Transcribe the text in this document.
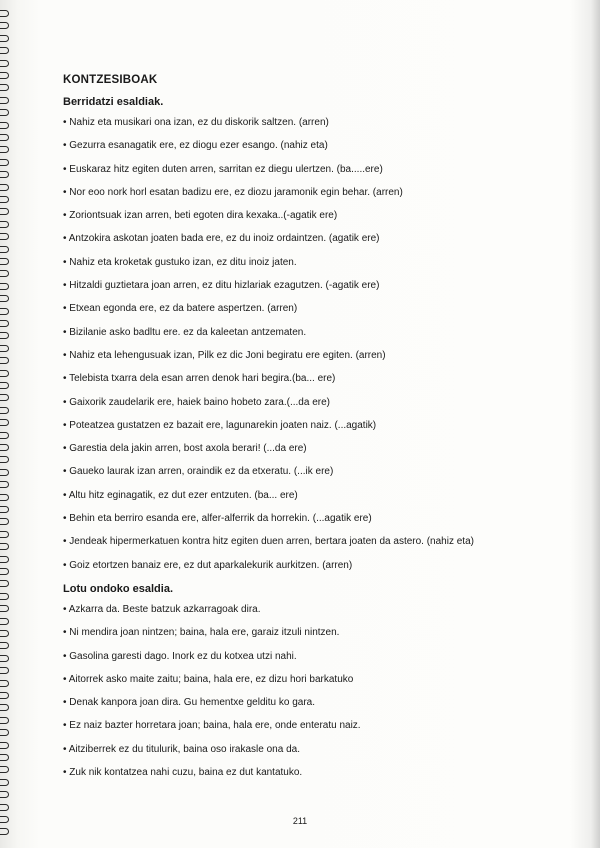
KONTZESIBOAK
Berridatzi esaldiak.
• Nahiz eta musikari ona izan, ez du diskorik saltzen. (arren)
• Gezurra esanagatik ere, ez diogu ezer esango. (nahiz eta)
• Euskaraz hitz egiten duten arren, sarritan ez diegu ulertzen. (ba.....ere)
• Nor eoo nork horl esatan badizu ere, ez diozu jaramonik egin behar. (arren)
• Zoriontsuak izan arren, beti egoten dira kexaka..(-agatik ere)
• Antzokira askotan joaten bada ere, ez du inoiz ordaintzen. (agatik ere)
• Nahiz eta kroketak gustuko izan, ez ditu inoiz jaten.
• Hitzaldi guztietara joan arren, ez ditu hizlariak ezagutzen. (-agatik ere)
• Etxean egonda ere, ez da batere aspertzen. (arren)
• Bizilanie asko badltu ere. ez da kaleetan antzematen.
• Nahiz eta lehengusuak izan, Pilk ez dic Joni begiratu ere egiten. (arren)
• Telebista txarra dela esan arren denok hari begira.(ba... ere)
• Gaixorik zaudelarik ere, haiek baino hobeto zara.(...da ere)
• Poteatzea gustatzen ez bazait ere, lagunarekin joaten naiz. (...agatik)
• Garestia dela jakin arren, bost axola berari! (...da ere)
• Gaueko laurak izan arren, oraindik ez da etxeratu. (...ik ere)
• Altu hitz eginagatik, ez dut ezer entzuten. (ba... ere)
• Behin eta berriro esanda ere, alfer-alferrik da horrekin. (...agatik ere)
• Jendeak hipermerkatuen kontra hitz egiten duen arren, bertara joaten da astero. (nahiz eta)
• Goiz etortzen banaiz ere, ez dut aparkalekurik aurkitzen. (arren)
Lotu ondoko esaldia.
• Azkarra da. Beste batzuk azkarragoak dira.
• Ni mendira joan nintzen; baina, hala ere, garaiz itzuli nintzen.
• Gasolina garesti dago. Inork ez du kotxea utzi nahi.
• Aitorrek asko maite zaitu; baina, hala ere, ez dizu hori barkatuko
• Denak kanpora joan dira. Gu hementxe gelditu ko gara.
• Ez naiz bazter horretara joan; baina, hala ere, onde enteratu naiz.
• Aitziberrek ez du titulurik, baina oso irakasle ona da.
• Zuk nik kontatzea nahi cuzu, baina ez dut kantatuko.
211
